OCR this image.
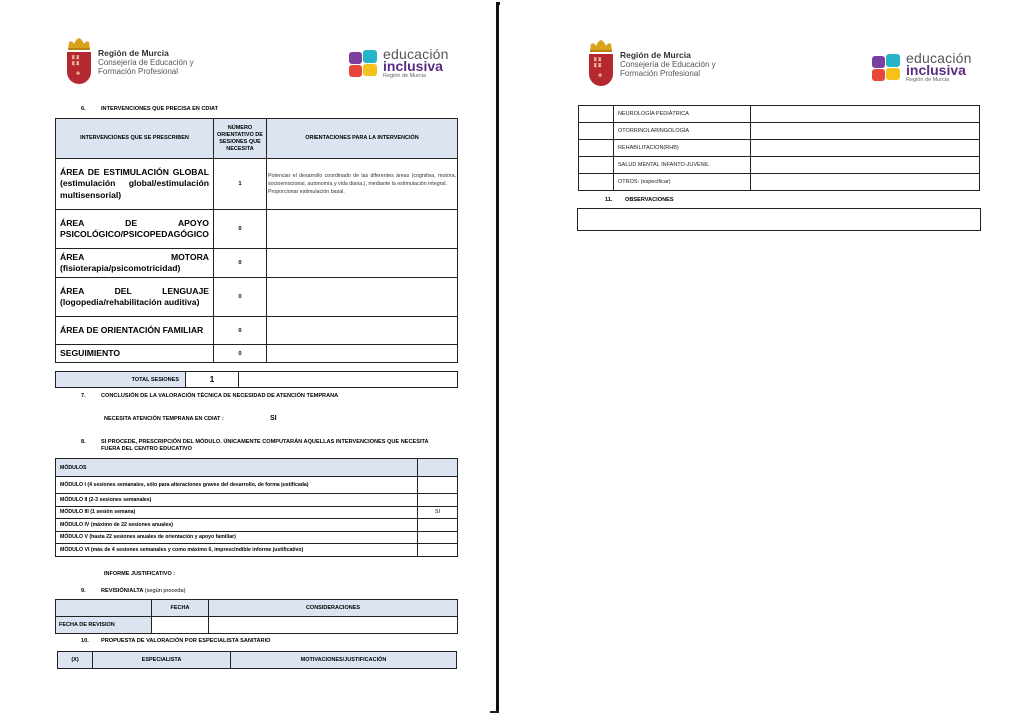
♜♜
♜♜
✚
Región de Murcia
Consejería de Educación y
Formación Profesional
educación
inclusiva
Región de Murcia
6.	INTERVENCIONES QUE PRECISA EN CDIAT
INTERVENCIONES QUE SE PRESCRIBEN	NÚMERO ORIENTATIVO DE SESIONES QUE NECESITA	ORIENTACIONES PARA LA INTERVENCIÓN
ÁREA DE ESTIMULACIÓN GLOBAL (estimulación global/estimulación multisensorial)	1	Potenciar el desarrollo coordinado de las diferentes áreas (cognitiva, motora, socioemocional, autonomía y vida diaria,), mediante la estimulación integral.
Proporcionar estimulación basal.

ÁREA DE APOYO PSICOLÓGICO/PSICOPEDAGÓGICO	0	
ÁREA MOTORA (fisioterapia/psicomotricidad)	0	
ÁREA DEL LENGUAJE (logopedia/rehabilitación auditiva)	0	
ÁREA DE ORIENTACIÓN FAMILIAR	0	
SEGUIMIENTO	0	
TOTAL SESIONES	1	
7.	CONCLUSIÓN DE LA VALORACIÓN TÉCNICA DE NECESIDAD DE ATENCIÓN TEMPRANA
NECESITA ATENCIÓN TEMPRANA EN CDIAT :	SI
8.	SI PROCEDE, PRESCRIPCIÓN DEL MÓDULO. ÚNICAMENTE COMPUTARÁN AQUELLAS INTERVENCIONES QUE NECESITA
FUERA DEL CENTRO EDUCATIVO
MÓDULOS	
MÓDULO I (4 sesiones semanales, sólo para alteraciones graves del desarrollo, de forma justificada)	
MÓDULO II (2-3 sesiones semanales)	
MÓDULO III (1 sesión semana)	SI
MÓDULO IV (máximo de 22 sesiones anuales)	
MÓDULO V (hasta 22 sesiones anuales de orientación y apoyo familiar)	
MÓDULO VI (más de 4 sesiones semanales y como máximo 6, imprescindible informe justificativo)	
INFORME JUSTIFICATIVO :
9.	REVISIÓN/ALTA (según proceda)
	FECHA	CONSIDERACIONES
FECHA DE REVISION		
10. PROPUESTA DE VALORACIÓN POR ESPECIALISTA SANITARIO
(X)	ESPECIALISTA	MOTIVACIONES/JUSTIFICACIÓN
♜♜
♜♜
✚
Región de Murcia
Consejería de Educación y
Formación Profesional
educación
inclusiva
Región de Murcia
11. OBSERVACIONES
	NEUROLOGÍA PEDIÁTRICA	
	OTORRINOLARINGOLOGÍA	
	REHABILITACION(RHB)	
	SALUD MENTAL INFANTO-JUVENIL	
	OTROS: (especificar)	
